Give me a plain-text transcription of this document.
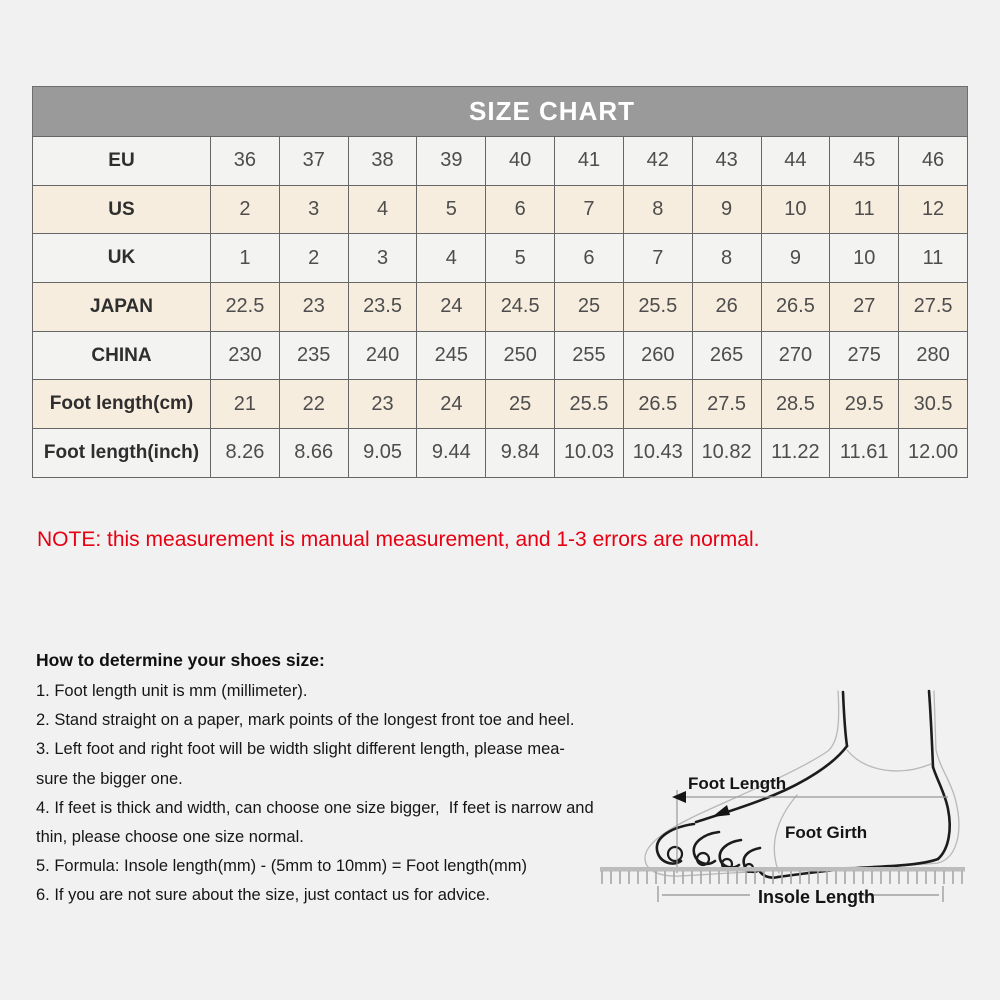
SIZE CHART
EU	36	37	38	39	40	41	42	43	44	45	46
US	2	3	4	5	6	7	8	9	10	11	12
UK	1	2	3	4	5	6	7	8	9	10	11
JAPAN	22.5	23	23.5	24	24.5	25	25.5	26	26.5	27	27.5
CHINA	230	235	240	245	250	255	260	265	270	275	280
Foot length(cm)	21	22	23	24	25	25.5	26.5	27.5	28.5	29.5	30.5
Foot length(inch)	8.26	8.66	9.05	9.44	9.84	10.03	10.43	10.82	11.22	11.61	12.00
NOTE: this measurement is manual measurement, and 1-3 errors are normal.
How to determine your shoes size:
1. Foot length unit is mm (millimeter).
2. Stand straight on a paper, mark points of the longest front toe and heel.
3. Left foot and right foot will be width slight different length, please mea-
sure the bigger one.
4. If feet is thick and width, can choose one size bigger,  If feet is narrow and
thin, please choose one size normal.
5. Formula: Insole length(mm) - (5mm to 10mm) = Foot length(mm)
6. If you are not sure about the size, just contact us for advice.
Foot Length
Foot Girth
Insole Length
